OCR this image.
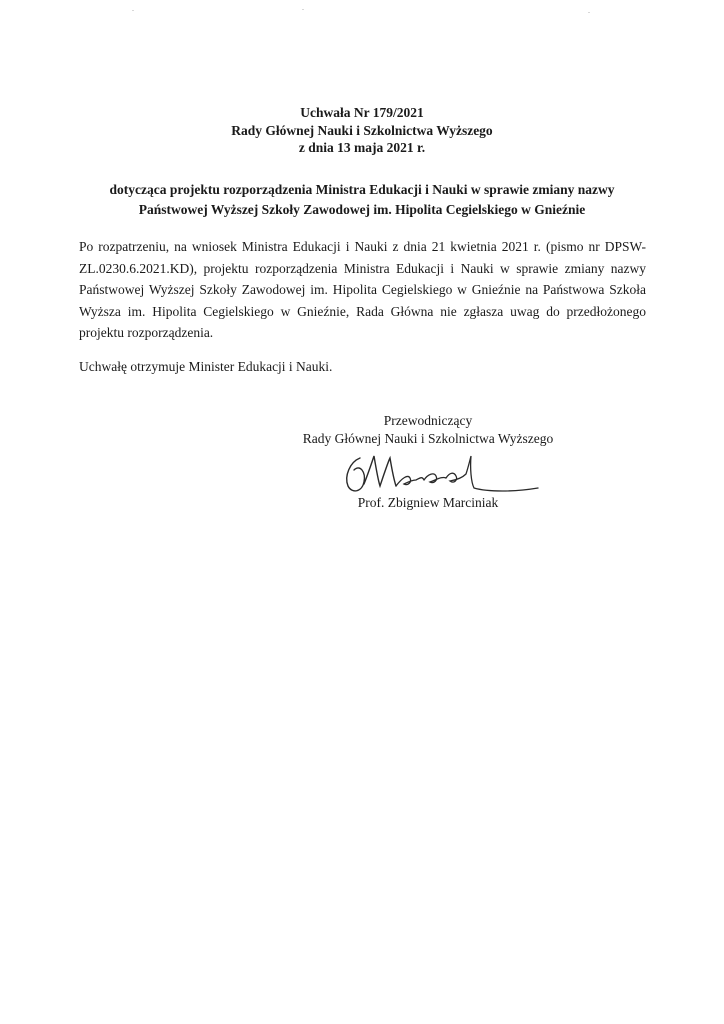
Uchwała Nr 179/2021
Rady Głównej Nauki i Szkolnictwa Wyższego
z dnia 13 maja 2021 r.
dotycząca projektu rozporządzenia Ministra Edukacji i Nauki w sprawie zmiany nazwy
Państwowej Wyższej Szkoły Zawodowej im. Hipolita Cegielskiego w Gnieźnie
Po rozpatrzeniu, na wniosek Ministra Edukacji i Nauki z dnia 21 kwietnia 2021 r. (pismo nr DPSW-ZL.0230.6.2021.KD), projektu rozporządzenia Ministra Edukacji i Nauki w sprawie zmiany nazwy Państwowej Wyższej Szkoły Zawodowej im. Hipolita Cegielskiego w Gnieźnie na Państwowa Szkoła Wyższa im. Hipolita Cegielskiego w Gnieźnie, Rada Główna nie zgłasza uwag do przedłożonego projektu rozporządzenia.
Uchwałę otrzymuje Minister Edukacji i Nauki.
Przewodniczący
Rady Głównej Nauki i Szkolnictwa Wyższego
Prof. Zbigniew Marciniak
